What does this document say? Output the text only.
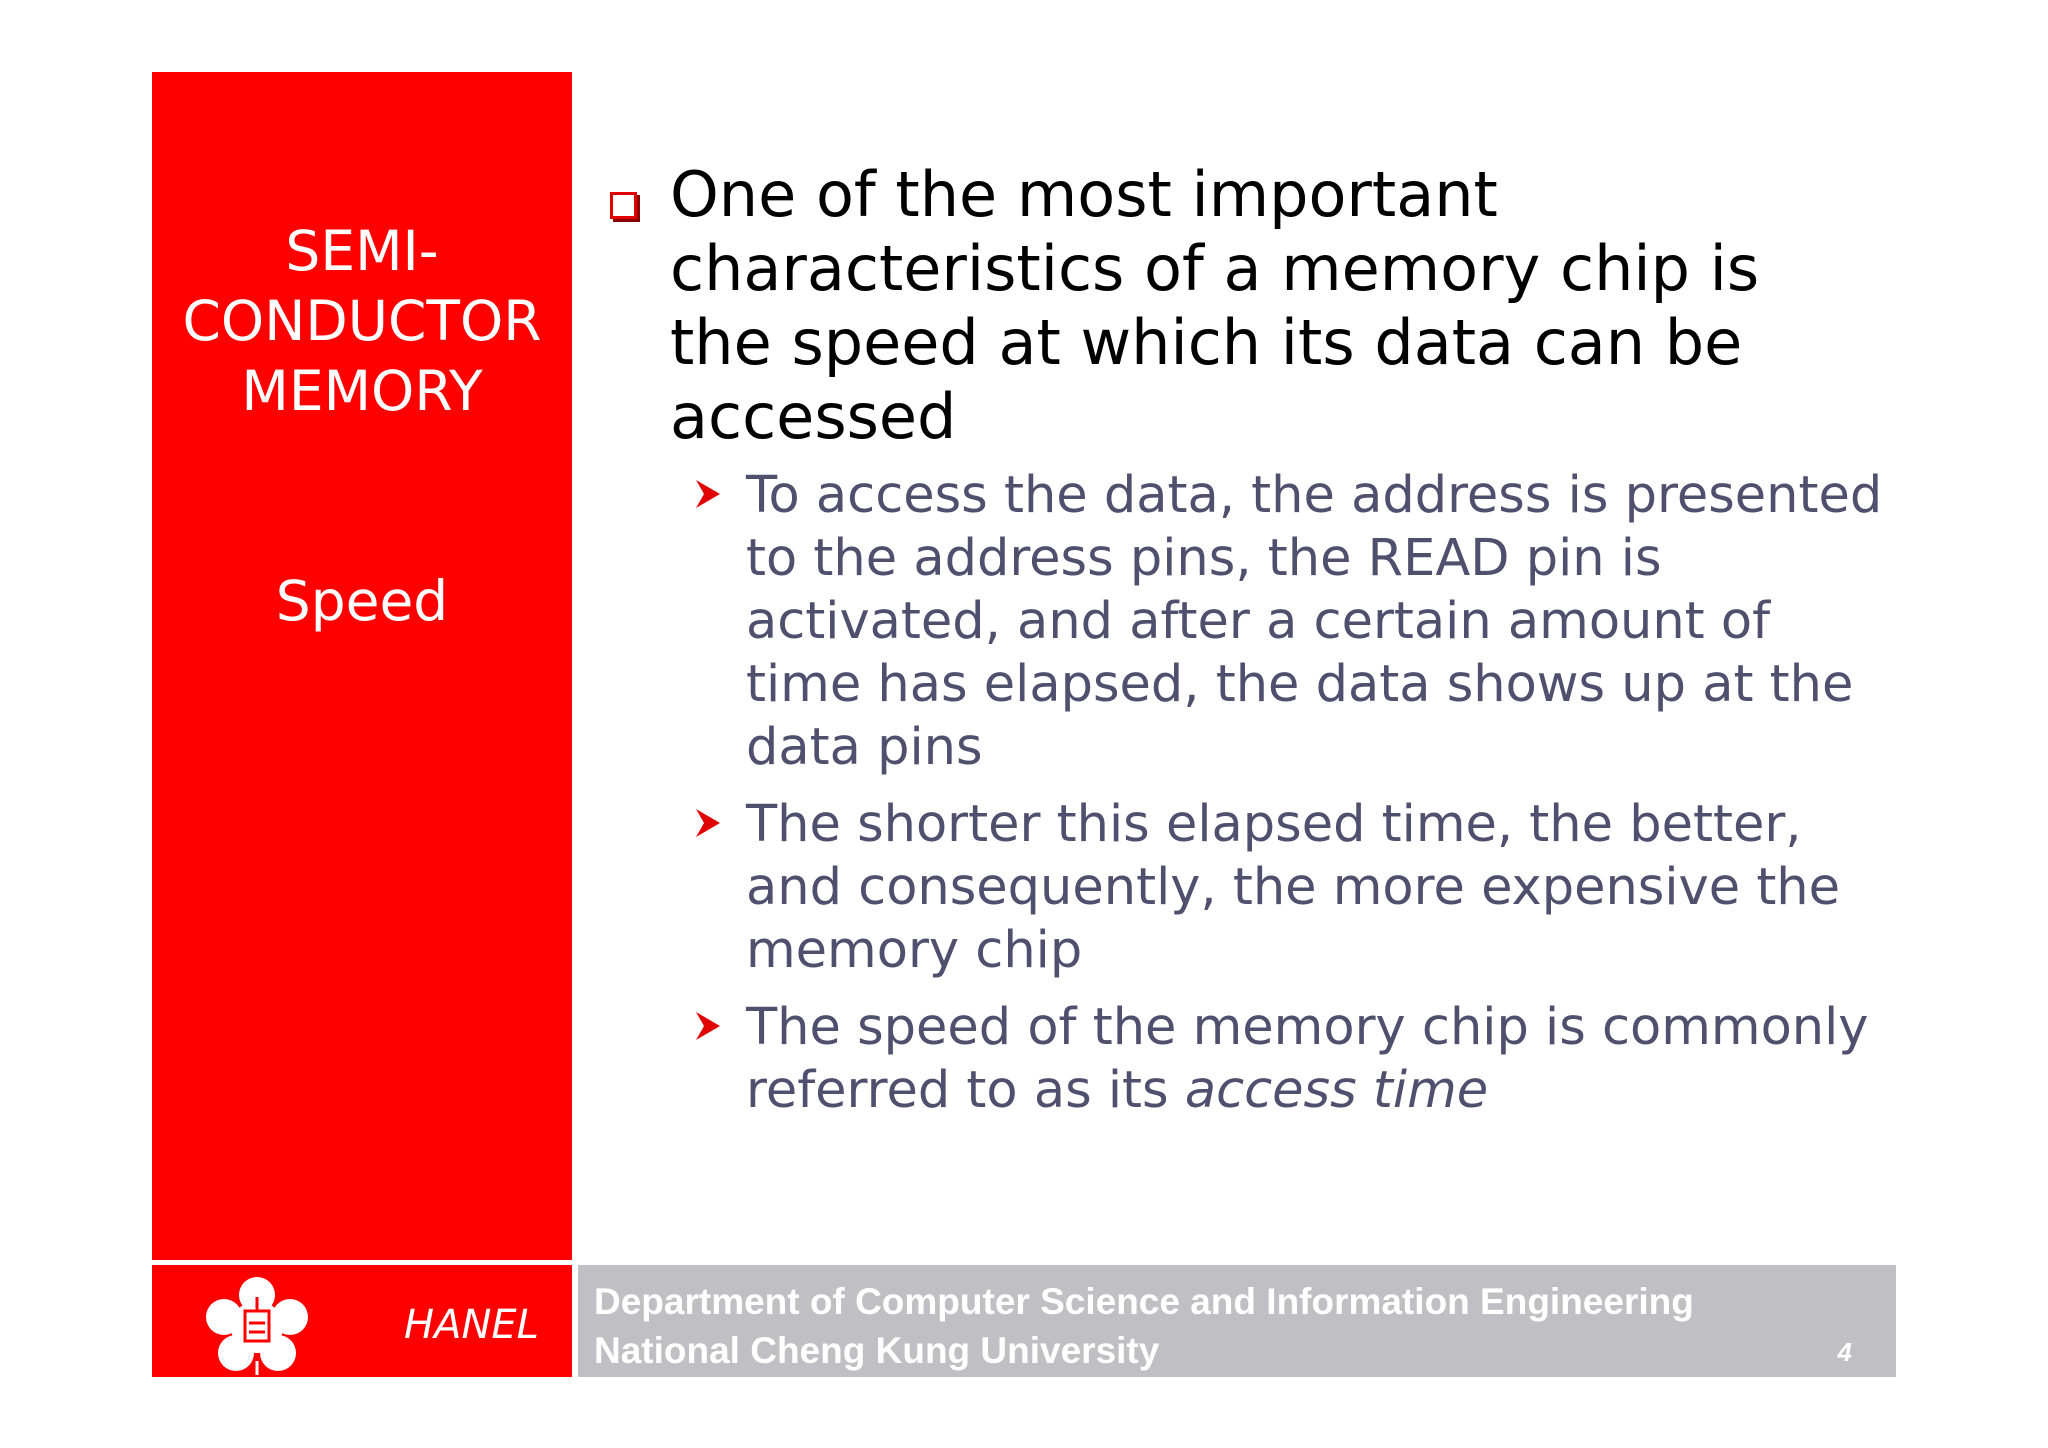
SEMI-
CONDUCTOR
MEMORY
Speed
One of the most important characteristics of a memory chip is the speed at which its data can be accessed
To access the data, the address is presented to the address pins, the READ pin is activated, and after a certain amount of time has elapsed, the data shows up at the data pins
The shorter this elapsed time, the better, and consequently, the more expensive the memory chip
The speed of the memory chip is commonly referred to as its access time
HANEL
Department of Computer Science and Information Engineering
National Cheng Kung University	4
